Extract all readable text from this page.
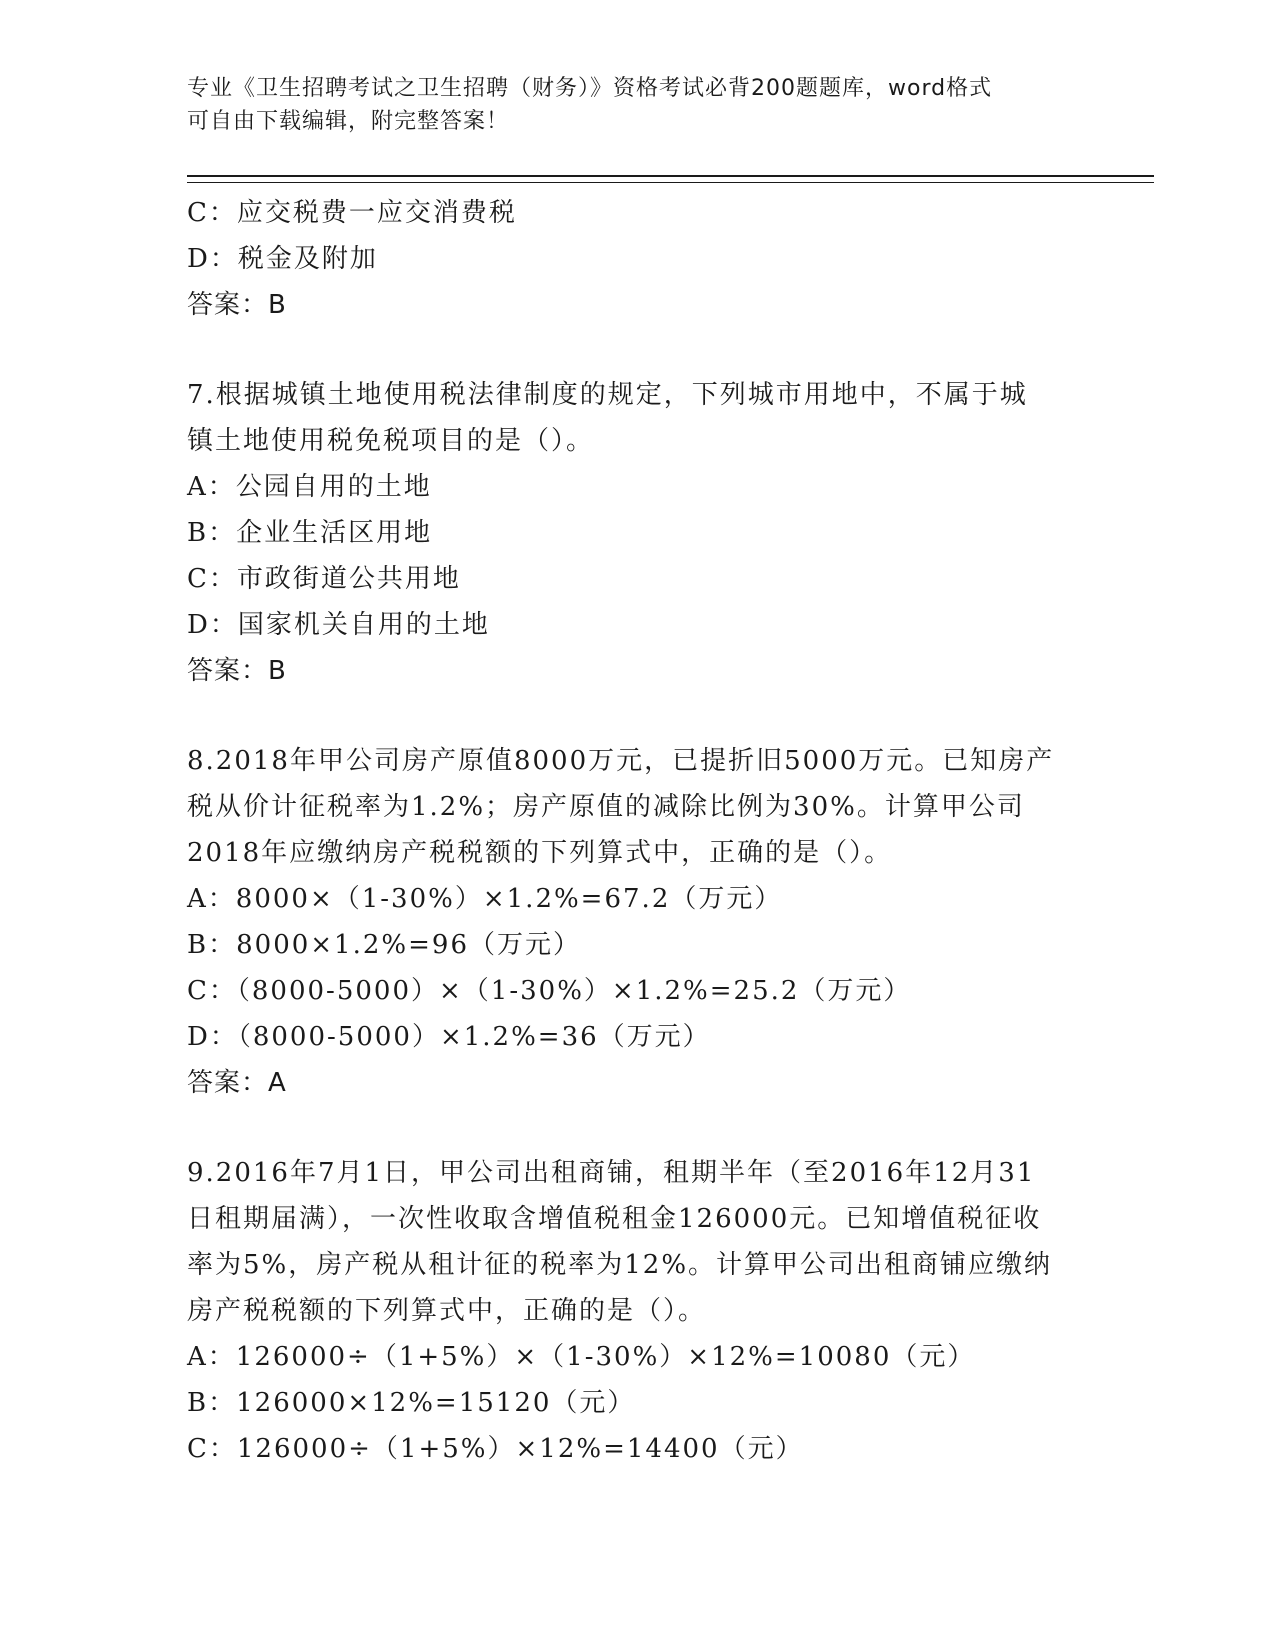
专业《卫生招聘考试之卫生招聘（财务）》资格考试必背200题题库，word格式
可自由下载编辑，附完整答案！
C：应交税费一应交消费税
D：税金及附加
答案：B
7.根据城镇土地使用税法律制度的规定，下列城市用地中，不属于城
镇土地使用税免税项目的是（）。
A：公园自用的土地
B：企业生活区用地
C：市政街道公共用地
D：国家机关自用的土地
答案：B
8.2018年甲公司房产原值8000万元，已提折旧5000万元。已知房产
税从价计征税率为1.2%；房产原值的减除比例为30%。计算甲公司
2018年应缴纳房产税税额的下列算式中，正确的是（）。
A：8000×（1-30%）×1.2%=67.2（万元）
B：8000×1.2%=96（万元）
C：（8000-5000）×（1-30%）×1.2%=25.2（万元）
D：（8000-5000）×1.2%=36（万元）
答案：A
9.2016年7月1日，甲公司出租商铺，租期半年（至2016年12月31
日租期届满），一次性收取含增值税租金126000元。已知增值税征收
率为5%，房产税从租计征的税率为12%。计算甲公司出租商铺应缴纳
房产税税额的下列算式中，正确的是（）。
A：126000÷（1+5%）×（1-30%）×12%=10080（元）
B：126000×12%=15120（元）
C：126000÷（1+5%）×12%=14400（元）
